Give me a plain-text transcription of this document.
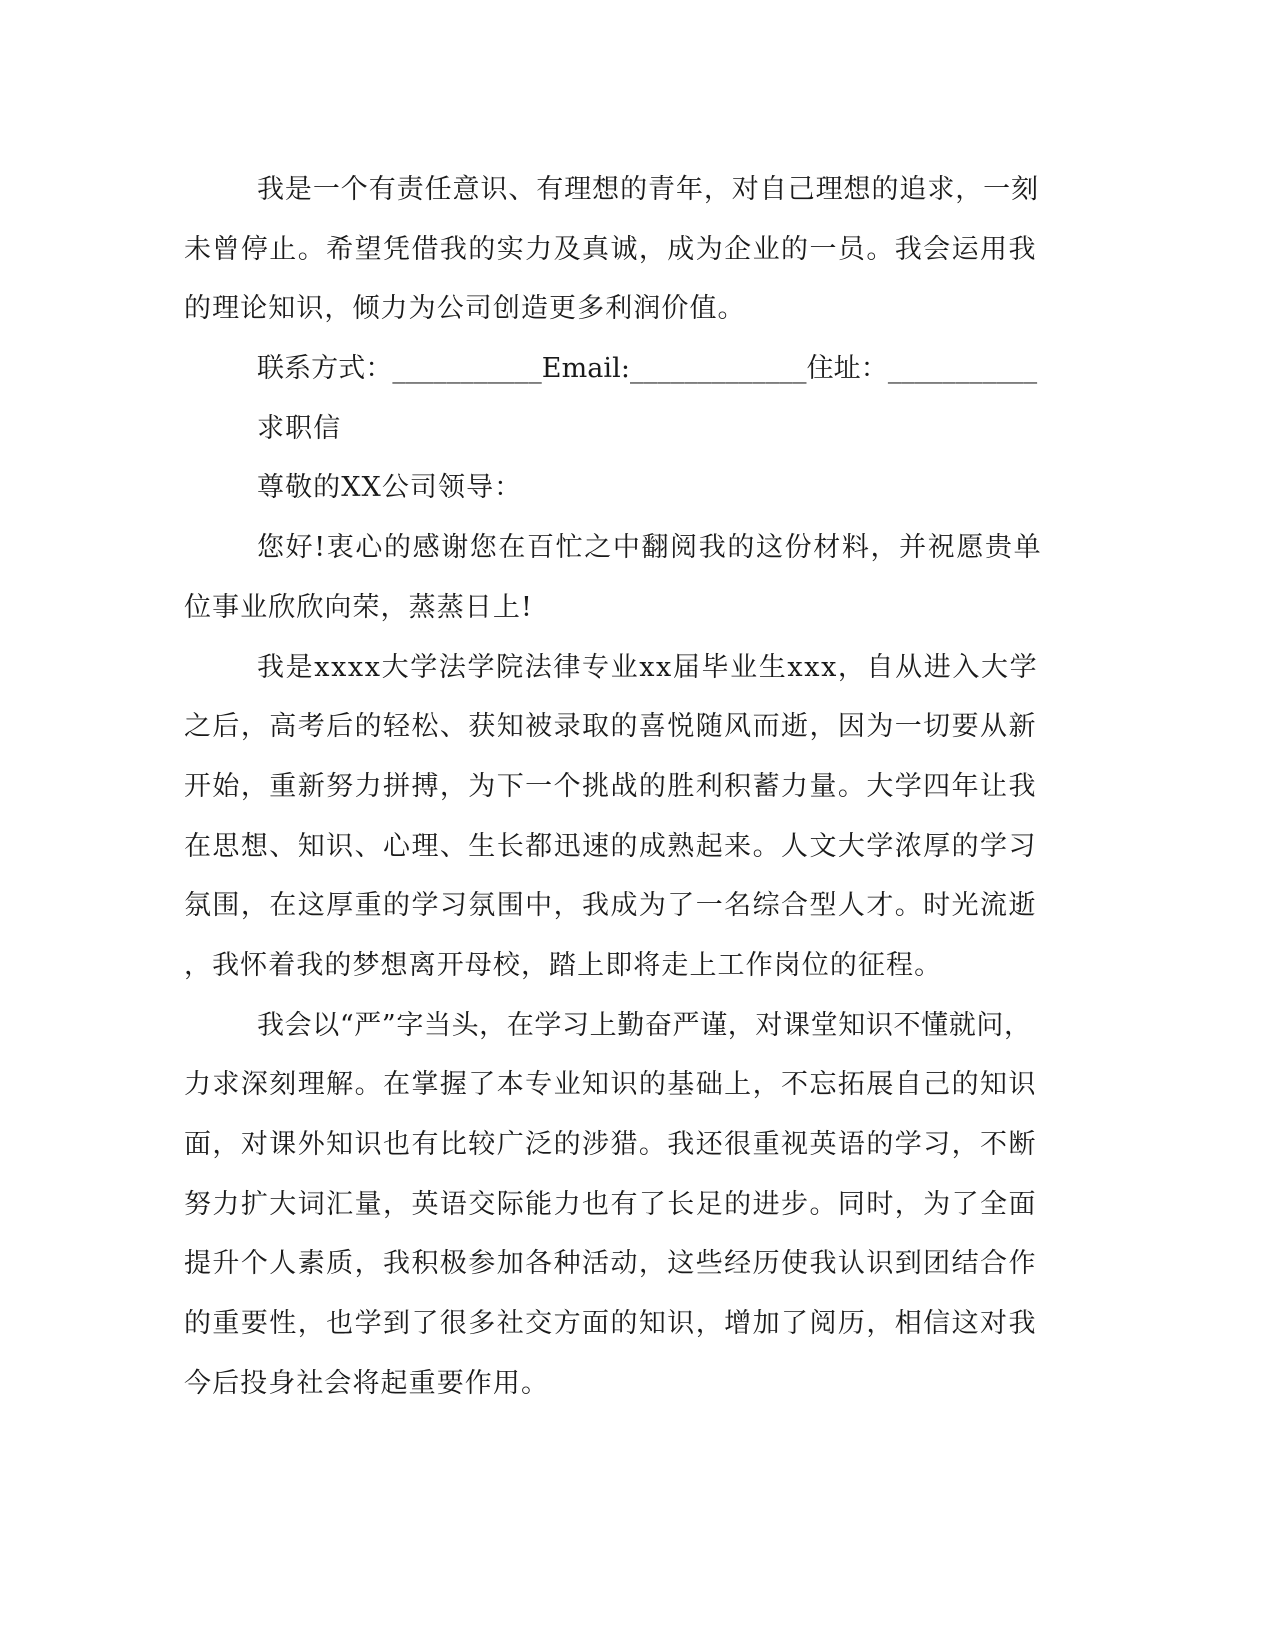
我是一个有责任意识、有理想的青年，对自己理想的追求，一刻
未曾停止。希望凭借我的实力及真诚，成为企业的一员。我会运用我
的理论知识，倾力为公司创造更多利润价值。
联系方式：___________Email:_____________住址：___________
求职信
尊敬的XX公司领导：
您好!衷心的感谢您在百忙之中翻阅我的这份材料，并祝愿贵单
位事业欣欣向荣，蒸蒸日上!
我是xxxx大学法学院法律专业xx届毕业生xxx，自从进入大学
之后，高考后的轻松、获知被录取的喜悦随风而逝，因为一切要从新
开始，重新努力拼搏，为下一个挑战的胜利积蓄力量。大学四年让我
在思想、知识、心理、生长都迅速的成熟起来。人文大学浓厚的学习
氛围，在这厚重的学习氛围中，我成为了一名综合型人才。时光流逝
，我怀着我的梦想离开母校，踏上即将走上工作岗位的征程。
我会以“严”字当头，在学习上勤奋严谨，对课堂知识不懂就问，
力求深刻理解。在掌握了本专业知识的基础上，不忘拓展自己的知识
面，对课外知识也有比较广泛的涉猎。我还很重视英语的学习，不断
努力扩大词汇量，英语交际能力也有了长足的进步。同时，为了全面
提升个人素质，我积极参加各种活动，这些经历使我认识到团结合作
的重要性，也学到了很多社交方面的知识，增加了阅历，相信这对我
今后投身社会将起重要作用。
